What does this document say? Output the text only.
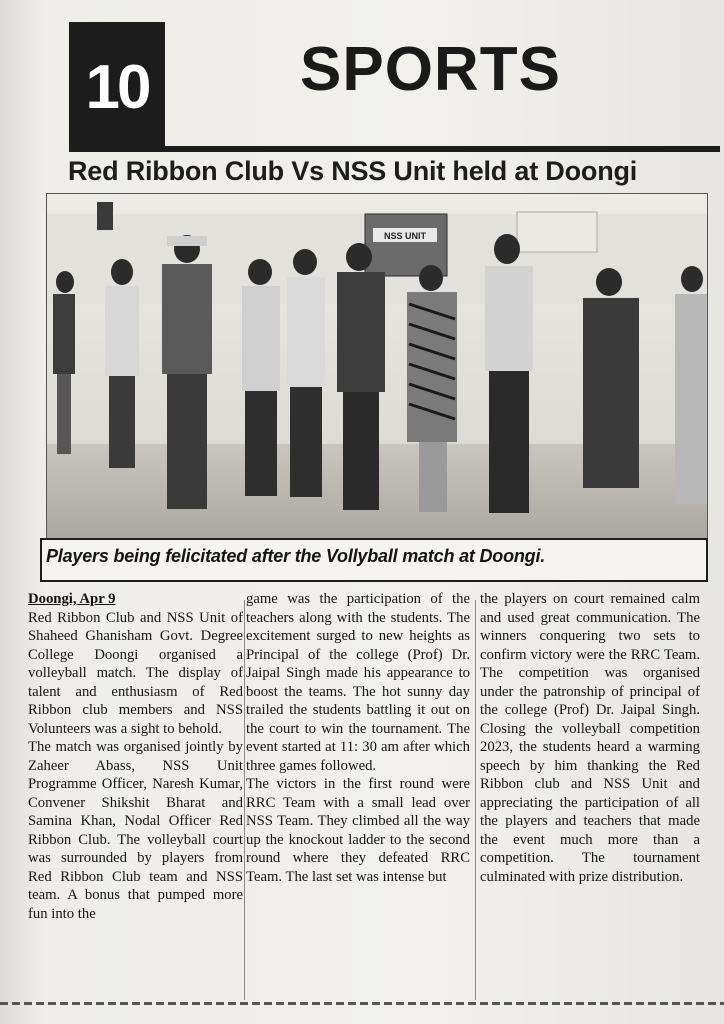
10 SPORTS
Red Ribbon Club Vs NSS Unit held at Doongi
NSS UNIT
Players being felicitated after the Vollyball match at Doongi.
Doongi, Apr 9

Red Ribbon Club and NSS Unit of Shaheed Ghanisham Govt. Degree College Doongi organised a volleyball match. The display of talent and enthusiasm of Red Ribbon club members and NSS Volunteers was a sight to behold.

The match was organised jointly by Zaheer Abass, NSS Unit Programme Officer, Naresh Kumar, Convener Shikshit Bharat and Samina Khan, Nodal Officer Red Ribbon Club. The volleyball court was surrounded by players from Red Ribbon Club team and NSS team. A bonus that pumped more fun into the

game was the participation of the teachers along with the students. The excitement surged to new heights as Principal of the college (Prof) Dr. Jaipal Singh made his appearance to boost the teams. The hot sunny day trailed the students battling it out on the court to win the tournament. The event started at 11: 30 am after which three games followed.

The victors in the first round were RRC Team with a small lead over NSS Team. They climbed all the way up the knockout ladder to the second round where they defeated RRC Team. The last set was intense but

the players on court remained calm and used great communication. The winners conquering two sets to confirm victory were the RRC Team. The competition was organised under the patronship of principal of the college (Prof) Dr. Jaipal Singh. Closing the volleyball competition 2023, the students heard a warming speech by him thanking the Red Ribbon club and NSS Unit and appreciating the participation of all the players and teachers that made the event much more than a competition. The tournament culminated with prize distribution.
